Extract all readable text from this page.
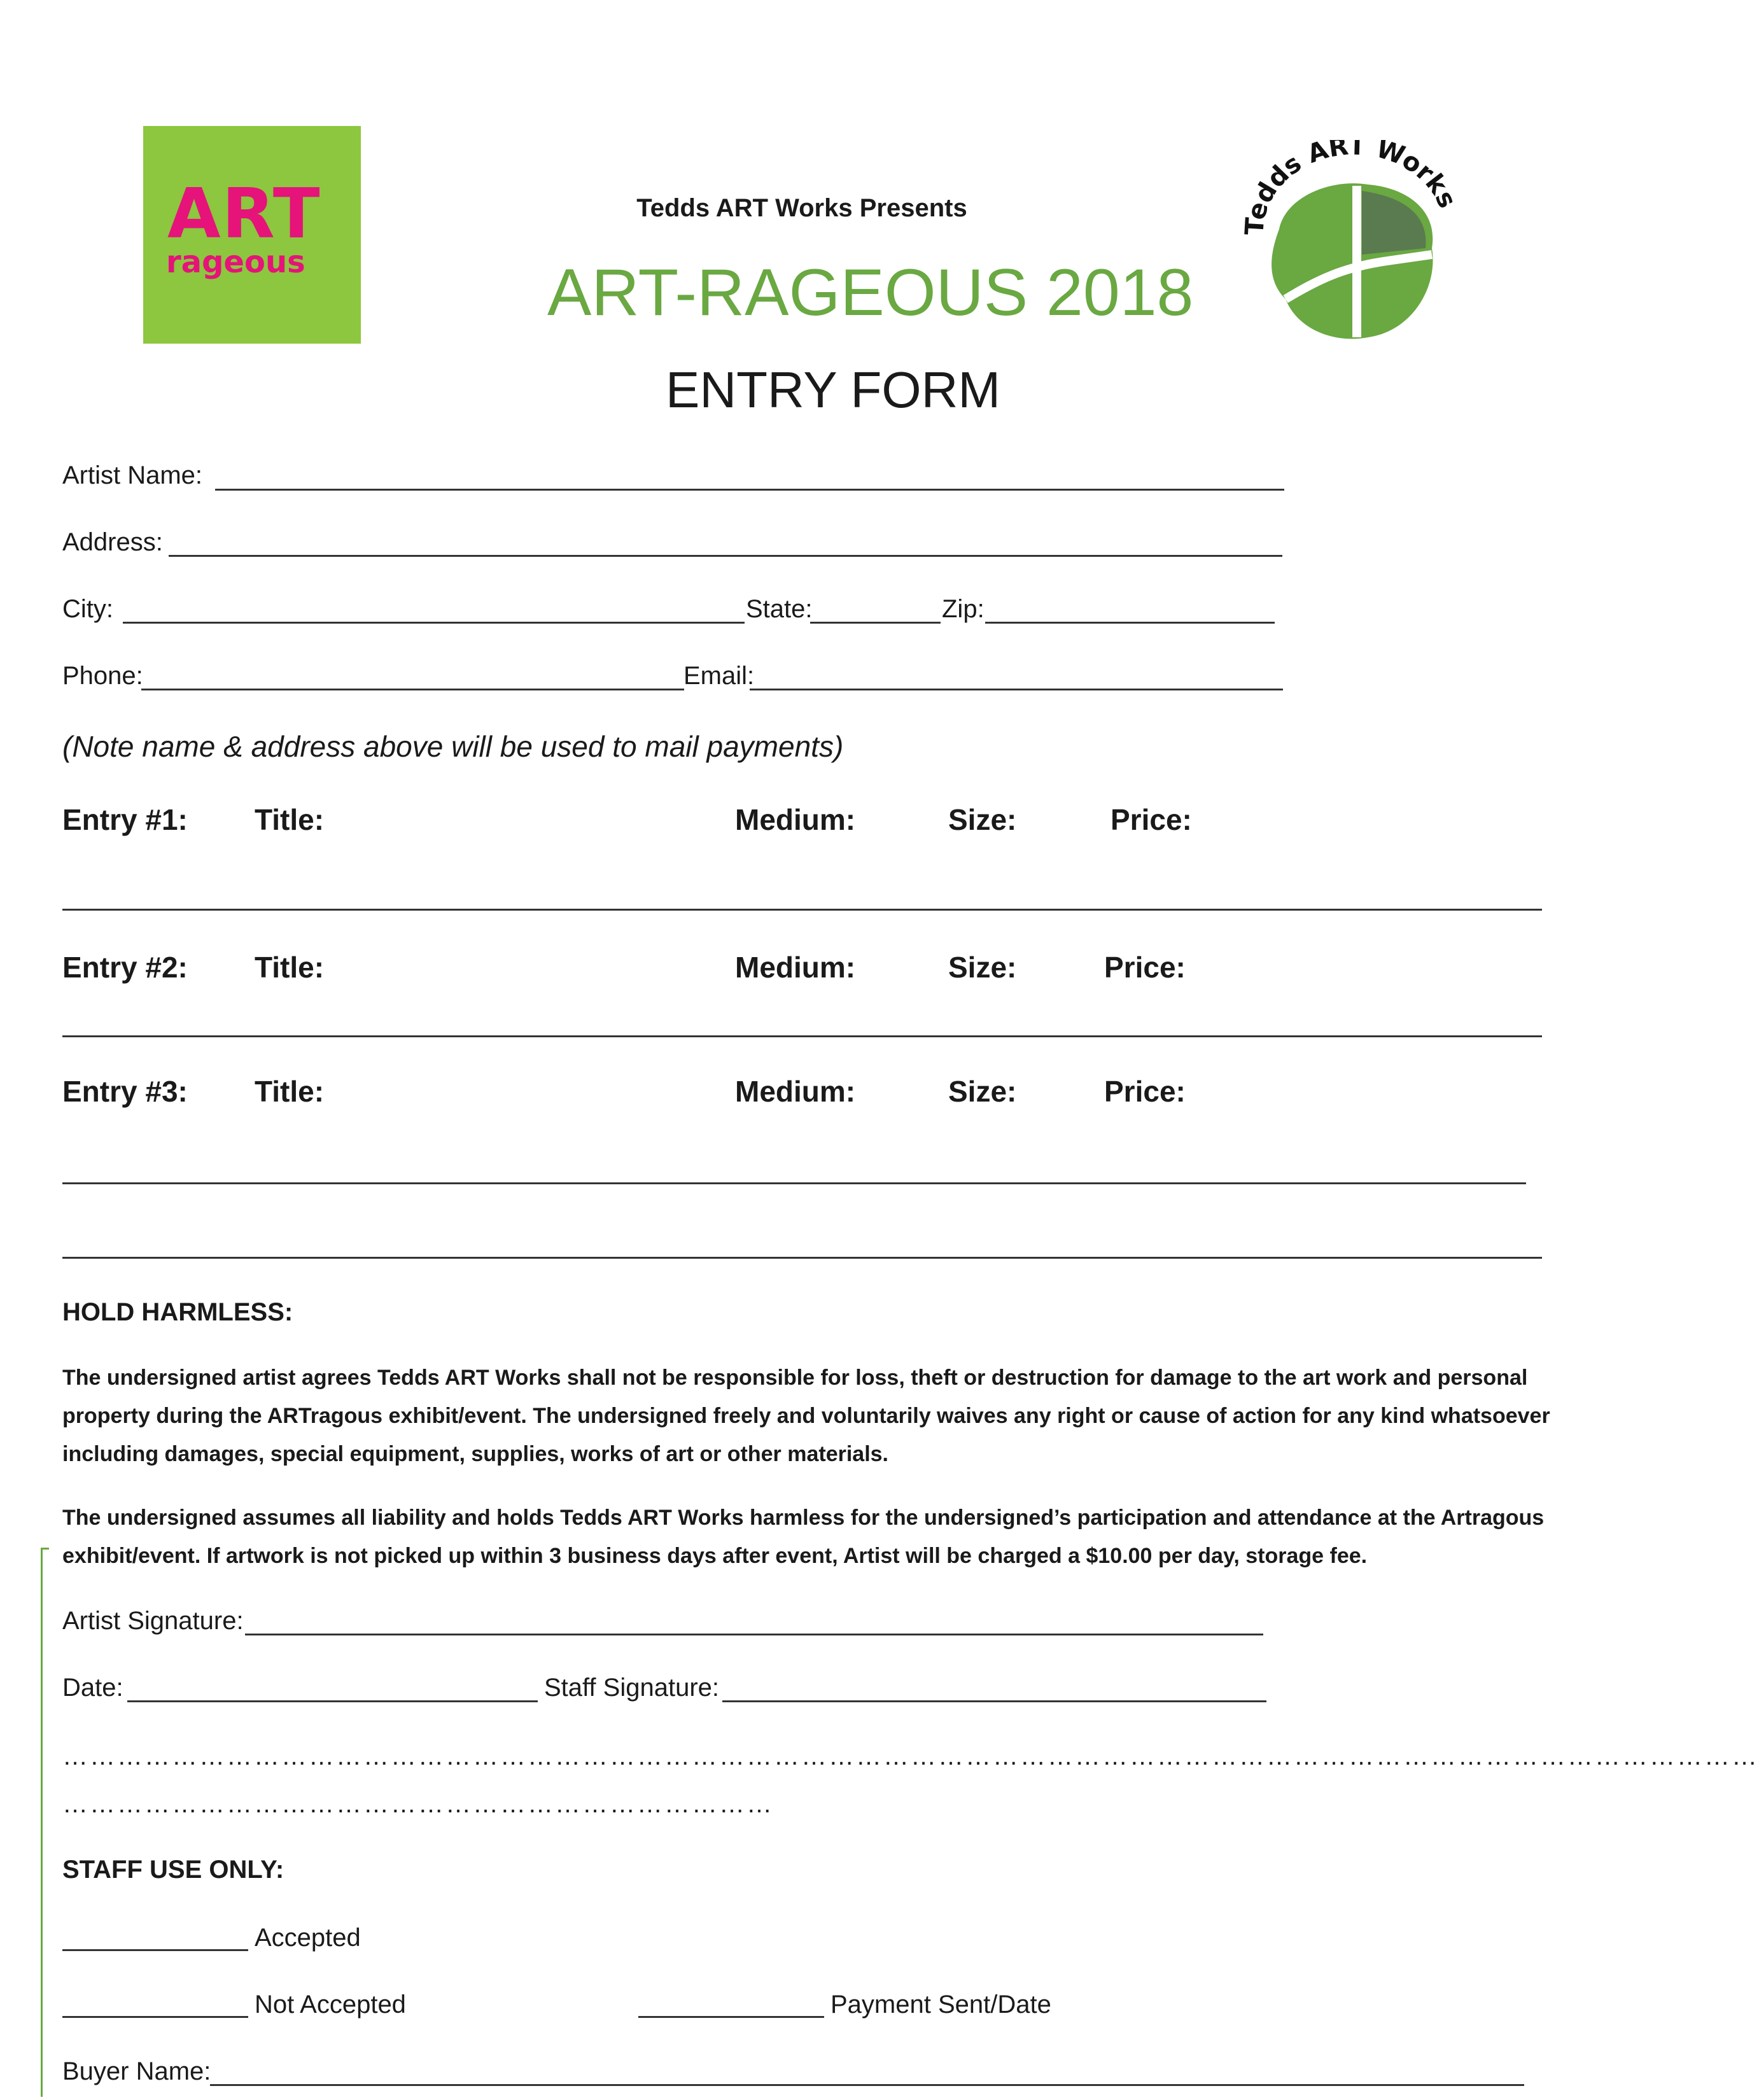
ART
rageous
Tedds ART Works
Tedds ART Works Presents
ART-RAGEOUS 2018
ENTRY FORM
Artist Name:
Address:
City:	State:	Zip:
Phone:	Email:
(Note name & address above will be used to mail payments)
Entry #1: Title:	Medium:	Size:	Price:
Entry #2: Title:	Medium:	Size:	Price:
Entry #3: Title:	Medium:	Size:	Price:
HOLD HARMLESS:
The undersigned artist agrees Tedds ART Works shall not be responsible for loss, theft or destruction for damage to the art work and personal property during the ARTragous exhibit/event. The undersigned freely and voluntarily waives any right or cause of action for any kind whatsoever including damages, special equipment, supplies, works of art or other materials.
The undersigned assumes all liability and holds Tedds ART Works harmless for the undersigned’s participation and attendance at the Artragous exhibit/event. If artwork is not picked up within 3 business days after event, Artist will be charged a $10.00 per day, storage fee.
Artist Signature:
Date:	Staff Signature:
……………………………………………………………………………………………………………………………………………………………………
……………………………………………………………………
STAFF USE ONLY:
Accepted
Not Accepted	Payment Sent/Date
Buyer Name:
